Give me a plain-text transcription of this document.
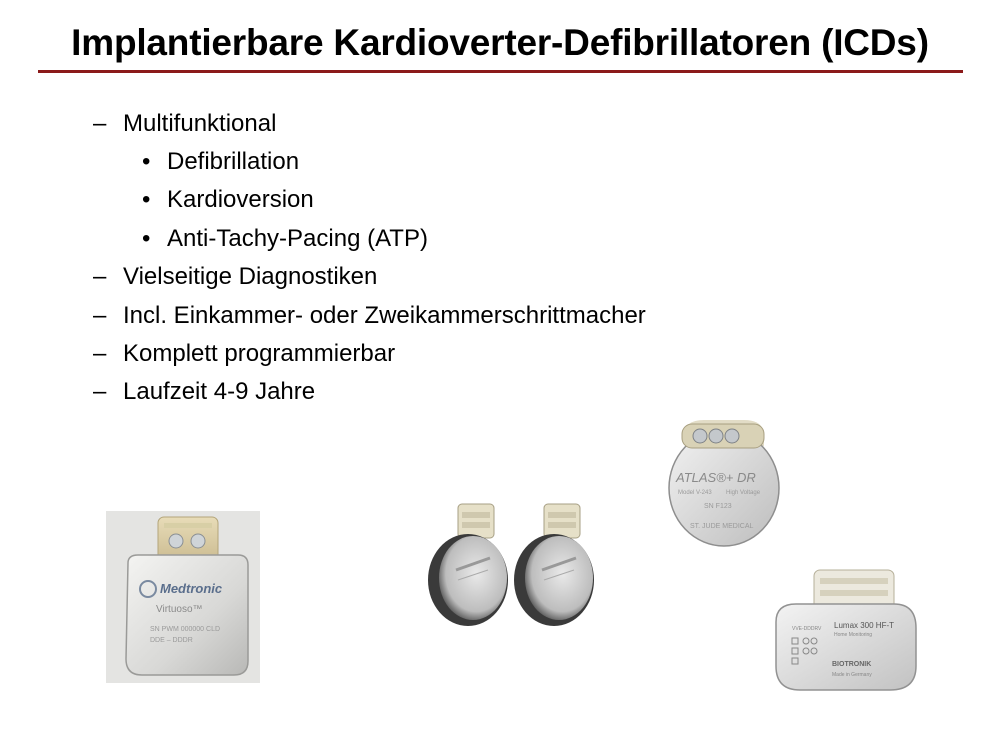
Implantierbare Kardioverter-Defibrillatoren (ICDs)
– Multifunktional
• Defibrillation
• Kardioversion
• Anti-Tachy-Pacing (ATP)
– Vielseitige Diagnostiken
– Incl. Einkammer- oder Zweikammerschrittmacher
– Komplett programmierbar
– Laufzeit 4-9 Jahre
Medtronic
Virtuoso™
SN PWM 000000 CLD
DDE – DDDR
ATLAS®+ DR
Model V-243 High Voltage
SN F123
ST. JUDE MEDICAL
Lumax 300 HF-T
Home Monitoring
VVE-DDDRV
BIOTRONIK
Made in Germany
